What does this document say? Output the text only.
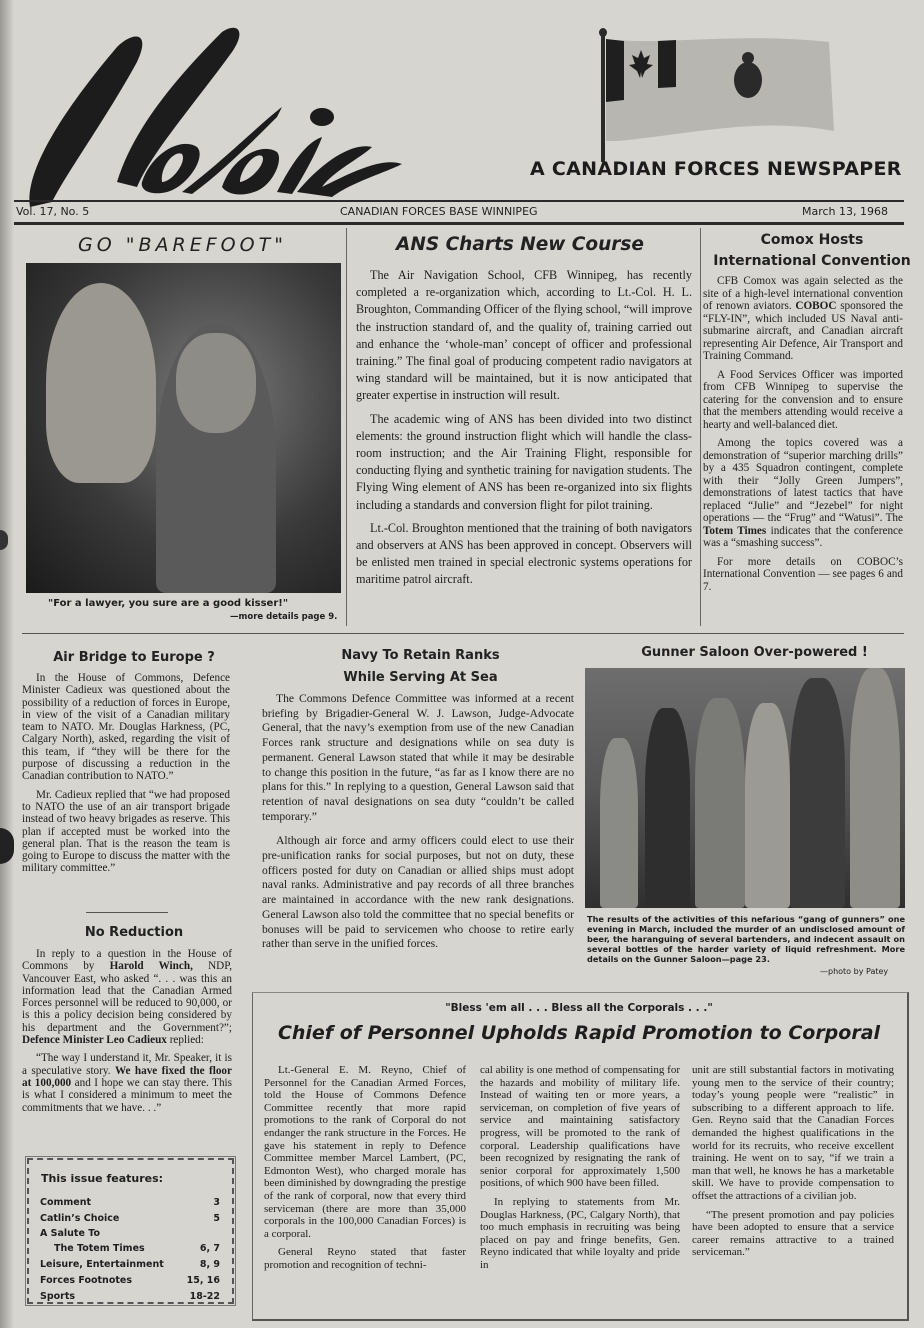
A CANADIAN FORCES NEWSPAPER
Vol. 17, No. 5	CANADIAN FORCES BASE WINNIPEG	March 13, 1968
GO "BAREFOOT"
"For a lawyer, you sure are a good kisser!"
—more details page 9.
ANS Charts New Course

The Air Navigation School, CFB Winnipeg, has recently completed a re-organization which, according to Lt.-Col. H. L. Broughton, Commanding Officer of the flying school, “will improve the instruction standard of, and the quality of, training carried out and enhance the ‘whole-man’ concept of officer and professional training.” The final goal of producing competent radio navigators at wing standard will be maintained, but it is now anticipated that greater expertise in instruction will result.

The academic wing of ANS has been divided into two distinct elements: the ground instruction flight which will handle the class-room instruction; and the Air Training Flight, responsible for conducting flying and synthetic training for navigation students. The Flying Wing element of ANS has been re-organized into six flights including a standards and conversion flight for pilot training.

Lt.-Col. Broughton mentioned that the training of both navigators and observers at ANS has been approved in concept. Observers will be enlisted men trained in special electronic systems operations for maritime patrol aircraft.

Comox Hosts
International Convention

CFB Comox was again selected as the site of a high-level international convention of renown aviators. COBOC sponsored the “FLY-IN”, which included US Naval anti-submarine aircraft, and Canadian aircraft representing Air Defence, Air Transport and Training Command.

A Food Services Officer was imported from CFB Winnipeg to supervise the catering for the convension and to ensure that the members attending would receive a hearty and well-balanced diet.

Among the topics covered was a demonstration of “superior marching drills” by a 435 Squadron contingent, complete with their “Jolly Green Jumpers”, demonstrations of latest tactics that have replaced “Julie” and “Jezebel” for night operations — the “Frug” and “Watusi”. The Totem Times indicates that the conference was a “smashing success”.

For more details on COBOC’s International Convention — see pages 6 and 7.

Air Bridge to Europe ?

In the House of Commons, Defence Minister Cadieux was questioned about the possibility of a reduction of forces in Europe, in view of the visit of a Canadian military team to NATO. Mr. Douglas Harkness, (PC, Calgary North), asked, regarding the visit of this team, if “they will be there for the purpose of discussing a reduction in the Canadian contribution to NATO.”

Mr. Cadieux replied that “we had proposed to NATO the use of an air transport brigade instead of two heavy brigades as reserve. This plan if accepted must be worked into the general plan. That is the reason the team is going to Europe to discuss the matter with the military committee.”

No Reduction

In reply to a question in the House of Commons by Harold Winch, NDP, Vancouver East, who asked “. . . was this an information lead that the Canadian Armed Forces personnel will be reduced to 90,000, or is this a policy decision being considered by his department and the Government?”; Defence Minister Leo Cadieux replied:

“The way I understand it, Mr. Speaker, it is a speculative story. We have fixed the floor at 100,000 and I hope we can stay there. This is what I considered a minimum to meet the commitments that we have. . .”

This issue features:
Comment	3
Catlin’s Choice	5
A Salute To	
The Totem Times	6, 7
Leisure, Entertainment	8, 9
Forces Footnotes	15, 16
Sports	18-22
Navy To Retain Ranks
While Serving At Sea

The Commons Defence Committee was informed at a recent briefing by Brigadier-General W. J. Lawson, Judge-Advocate General, that the navy’s exemption from use of the new Canadian Forces rank structure and designations while on sea duty is permanent. General Lawson stated that while it may be desirable to change this position in the future, “as far as I know there are no plans for this.” In replying to a question, General Lawson said that retention of naval designations on sea duty “couldn’t be called temporary.”

Although air force and army officers could elect to use their pre-unification ranks for social purposes, but not on duty, these officers posted for duty on Canadian or allied ships must adopt naval ranks. Administrative and pay records of all three branches are maintained in accordance with the new rank designations. General Lawson also told the committee that no special benefits or bonuses will be paid to servicemen who choose to retire early rather than serve in the unified forces.

Gunner Saloon Over-powered !
The results of the activities of this nefarious “gang of gunners” one evening in March, included the murder of an undisclosed amount of beer, the haranguing of several bartenders, and indecent assault on several bottles of the harder variety of liquid refreshment. More details on the Gunner Saloon—page 23.
—photo by Patey
"Bless 'em all . . . Bless all the Corporals . . ."
Chief of Personnel Upholds Rapid Promotion to Corporal

Lt.-General E. M. Reyno, Chief of Personnel for the Canadian Armed Forces, told the House of Commons Defence Committee recently that more rapid promotions to the rank of Corporal do not endanger the rank structure in the Forces. He gave his statement in reply to Defence Committee member Marcel Lambert, (PC, Edmonton West), who charged morale has been diminished by downgrading the prestige of the rank of corporal, now that every third serviceman (there are more than 35,000 corporals in the 100,000 Canadian Forces) is a corporal.

General Reyno stated that faster promotion and recognition of techni-

cal ability is one method of compensating for the hazards and mobility of military life. Instead of waiting ten or more years, a serviceman, on completion of five years of service and maintaining satisfactory progress, will be promoted to the rank of corporal. Leadership qualifications have been recognized by resignating the rank of senior corporal for approximately 1,500 positions, of which 900 have been filled.

In replying to statements from Mr. Douglas Harkness, (PC, Calgary North), that too much emphasis in recruiting was being placed on pay and fringe benefits, Gen. Reyno indicated that while loyalty and pride in

unit are still substantial factors in motivating young men to the service of their country; today’s young people were “realistic” in subscribing to a different approach to life. Gen. Reyno said that the Canadian Forces demanded the highest qualifications in the world for its recruits, who receive excellent training. He went on to say, “if we train a man that well, he knows he has a marketable skill. We have to provide compensation to offset the attractions of a civilian job.

“The present promotion and pay policies have been adopted to ensure that a service career remains attractive to a trained serviceman.”
